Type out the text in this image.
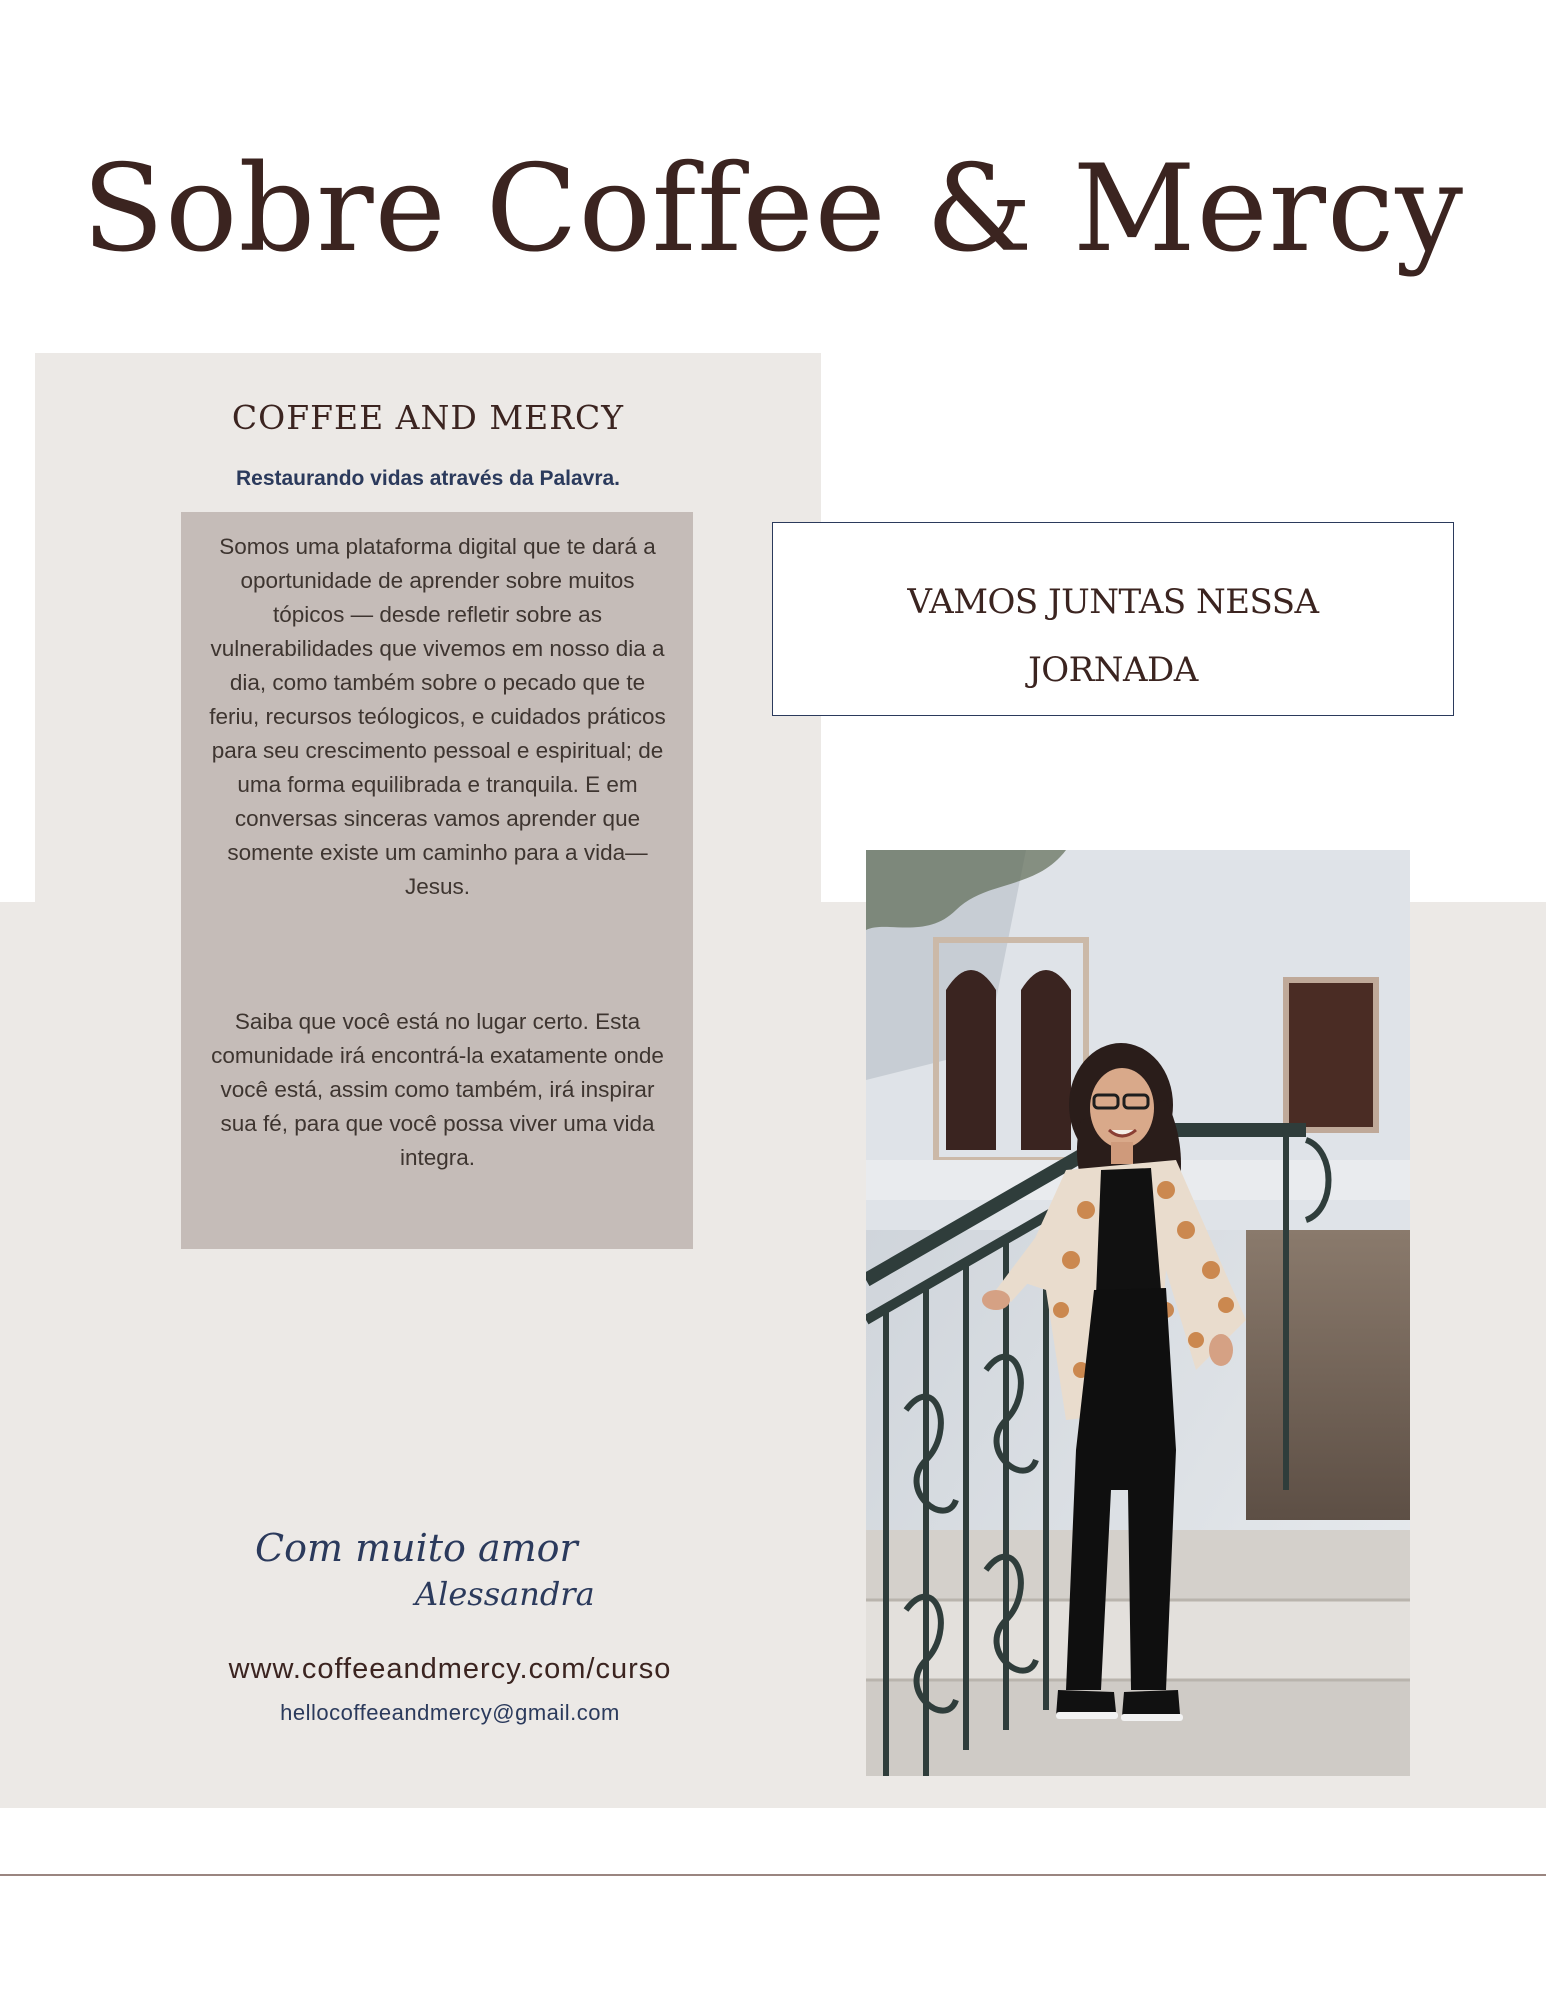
Sobre Coffee & Mercy
COFFEE AND MERCY
Restaurando vidas através da Palavra.

Somos uma plataforma digital que te dará a oportunidade de aprender sobre muitos tópicos — desde refletir sobre as vulnerabilidades que vivemos em nosso dia a dia, como também sobre o pecado que te feriu, recursos teólogicos, e cuidados práticos para seu crescimento pessoal e espiritual; de uma forma equilibrada e tranquila. E em conversas sinceras vamos aprender que somente existe um caminho para a vida— Jesus.

Saiba que você está no lugar certo. Esta comunidade irá encontrá-la exatamente onde você está, assim como também, irá inspirar sua fé, para que você possa viver uma vida integra.

VAMOS JUNTAS NESSA JORNADA
Com muito amor
Alessandra
www.coffeeandmercy.com/curso
hellocoffeeandmercy@gmail.com
